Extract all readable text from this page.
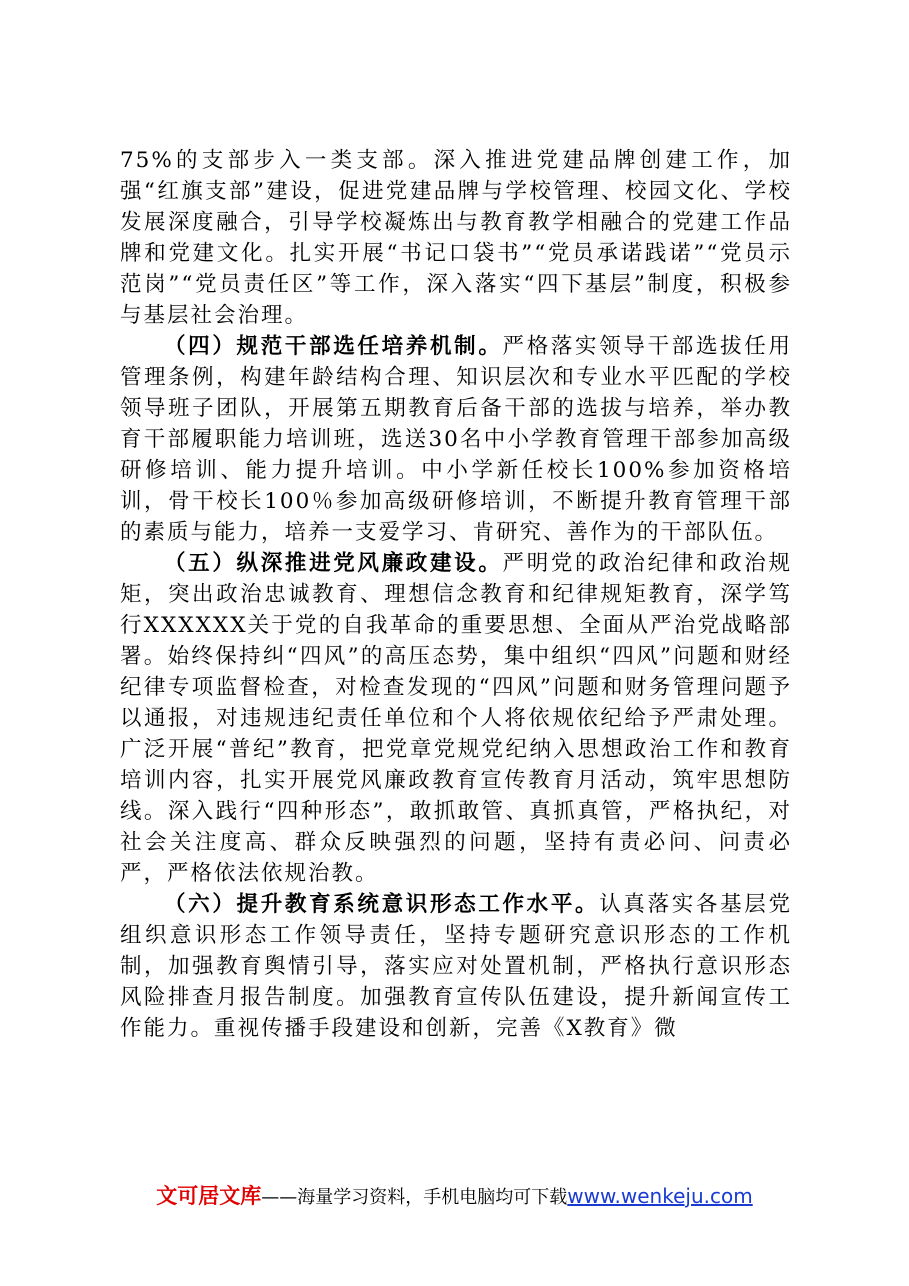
75%的支部步入一类支部。深入推进党建品牌创建工作，加强“红旗支部”建设，促进党建品牌与学校管理、校园文化、学校发展深度融合，引导学校凝炼出与教育教学相融合的党建工作品牌和党建文化。扎实开展“书记口袋书”“党员承诺践诺”“党员示范岗”“党员责任区”等工作，深入落实“四下基层”制度，积极参与基层社会治理。

（四）规范干部选任培养机制。严格落实领导干部选拔任用管理条例，构建年龄结构合理、知识层次和专业水平匹配的学校领导班子团队，开展第五期教育后备干部的选拔与培养，举办教育干部履职能力培训班，选送30名中小学教育管理干部参加高级研修培训、能力提升培训。中小学新任校长100%参加资格培训，骨干校长100％参加高级研修培训，不断提升教育管理干部的素质与能力，培养一支爱学习、肯研究、善作为的干部队伍。

（五）纵深推进党风廉政建设。严明党的政治纪律和政治规矩，突出政治忠诚教育、理想信念教育和纪律规矩教育，深学笃行XXXXXX关于党的自我革命的重要思想、全面从严治党战略部署。始终保持纠“四风”的高压态势，集中组织“四风”问题和财经纪律专项监督检查，对检查发现的“四风”问题和财务管理问题予以通报，对违规违纪责任单位和个人将依规依纪给予严肃处理。广泛开展“普纪”教育，把党章党规党纪纳入思想政治工作和教育培训内容，扎实开展党风廉政教育宣传教育月活动，筑牢思想防线。深入践行“四种形态”，敢抓敢管、真抓真管，严格执纪，对社会关注度高、群众反映强烈的问题，坚持有责必问、问责必严，严格依法依规治教。

（六）提升教育系统意识形态工作水平。认真落实各基层党组织意识形态工作领导责任，坚持专题研究意识形态的工作机制，加强教育舆情引导，落实应对处置机制，严格执行意识形态风险排查月报告制度。加强教育宣传队伍建设，提升新闻宣传工作能力。重视传播手段建设和创新，完善《X教育》微

文可居文库——海量学习资料，手机电脑均可下载www.wenkeju.com
